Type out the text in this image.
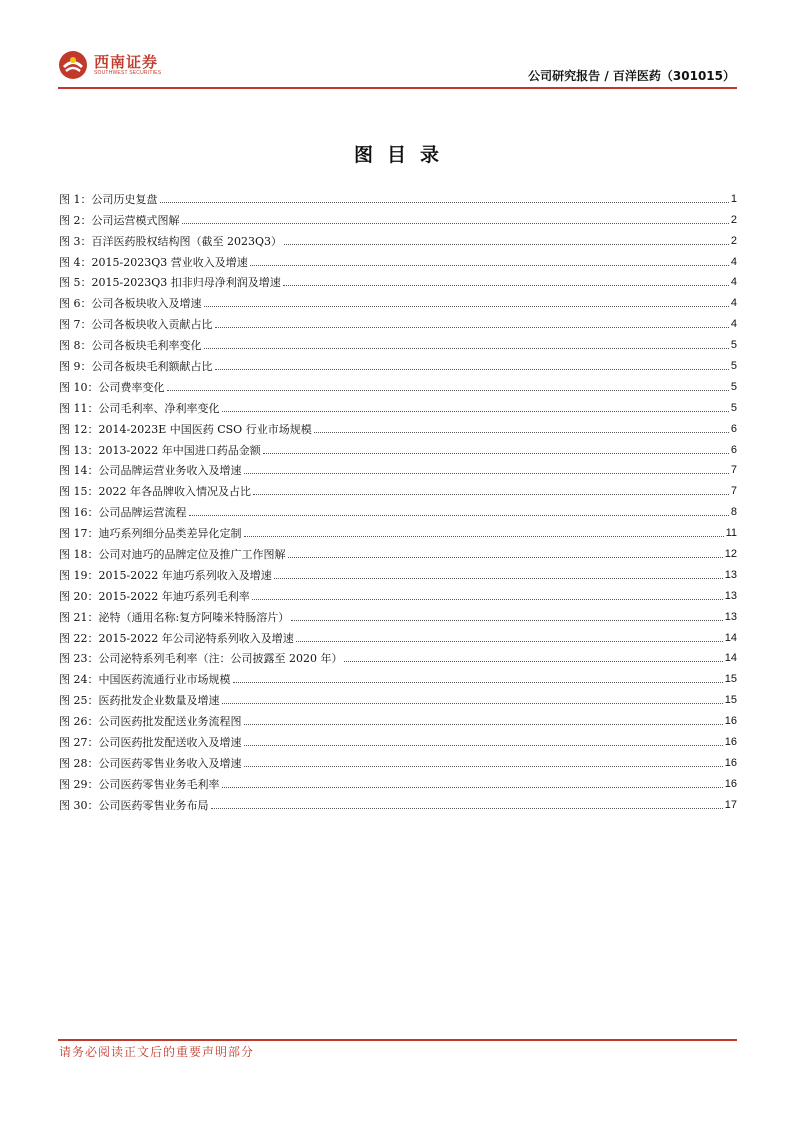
西南证券
SOUTHWEST SECURITIES	公司研究报告 / 百洋医药（301015）
图目录
图 1：公司历史复盘	1
图 2：公司运营模式图解	2
图 3：百洋医药股权结构图（截至 2023Q3）	2
图 4：2015-2023Q3 营业收入及增速	4
图 5：2015-2023Q3 扣非归母净利润及增速	4
图 6：公司各板块收入及增速	4
图 7：公司各板块收入贡献占比	4
图 8：公司各板块毛利率变化	5
图 9：公司各板块毛利额献占比	5
图 10：公司费率变化	5
图 11：公司毛利率、净利率变化	5
图 12：2014-2023E 中国医药 CSO 行业市场规模	6
图 13：2013-2022 年中国进口药品金额	6
图 14：公司品牌运营业务收入及增速	7
图 15：2022 年各品牌收入情况及占比	7
图 16：公司品牌运营流程	8
图 17：迪巧系列细分品类差异化定制	11
图 18：公司对迪巧的品牌定位及推广工作图解	12
图 19：2015-2022 年迪巧系列收入及增速	13
图 20：2015-2022 年迪巧系列毛利率	13
图 21：泌特（通用名称:复方阿嗪米特肠溶片）	13
图 22：2015-2022 年公司泌特系列收入及增速	14
图 23：公司泌特系列毛利率（注：公司披露至 2020 年）	14
图 24：中国医药流通行业市场规模	15
图 25：医药批发企业数量及增速	15
图 26：公司医药批发配送业务流程图	16
图 27：公司医药批发配送收入及增速	16
图 28：公司医药零售业务收入及增速	16
图 29：公司医药零售业务毛利率	16
图 30：公司医药零售业务布局	17
请务必阅读正文后的重要声明部分
